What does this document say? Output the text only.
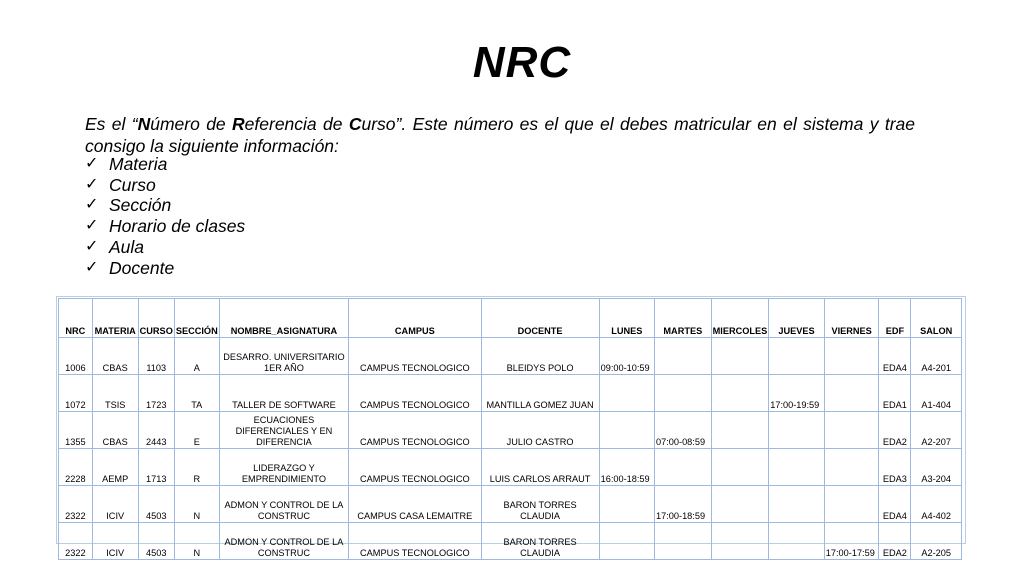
NRC
Es el “Número de Referencia de Curso”. Este número es el que el debes matricular en el sistema y trae consigo la siguiente información:
✓ Materia
✓ Curso
✓ Sección
✓ Horario de clases
✓ Aula
✓ Docente
NRC	MATERIA	CURSO	SECCIÓN	NOMBRE_ASIGNATURA	CAMPUS	DOCENTE	LUNES	MARTES	MIERCOLES	JUEVES	VIERNES	EDF	SALON
1006	CBAS	1103	A	DESARRO. UNIVERSITARIO 1ER AÑO	CAMPUS TECNOLOGICO	BLEIDYS POLO	09:00-10:59					EDA4	A4-201
1072	TSIS	1723	TA	TALLER DE SOFTWARE	CAMPUS TECNOLOGICO	MANTILLA GOMEZ JUAN				17:00-19:59		EDA1	A1-404
1355	CBAS	2443	E	ECUACIONES DIFERENCIALES Y EN DIFERENCIA	CAMPUS TECNOLOGICO	JULIO CASTRO		07:00-08:59				EDA2	A2-207
2228	AEMP	1713	R	LIDERAZGO Y EMPRENDIMIENTO	CAMPUS TECNOLOGICO	LUIS CARLOS ARRAUT	16:00-18:59					EDA3	A3-204
2322	ICIV	4503	N	ADMON Y CONTROL DE LA CONSTRUC	CAMPUS CASA LEMAITRE	BARON TORRES CLAUDIA		17:00-18:59				EDA4	A4-402
2322	ICIV	4503	N	ADMON Y CONTROL DE LA CONSTRUC	CAMPUS TECNOLOGICO	BARON TORRES CLAUDIA					17:00-17:59	EDA2	A2-205
